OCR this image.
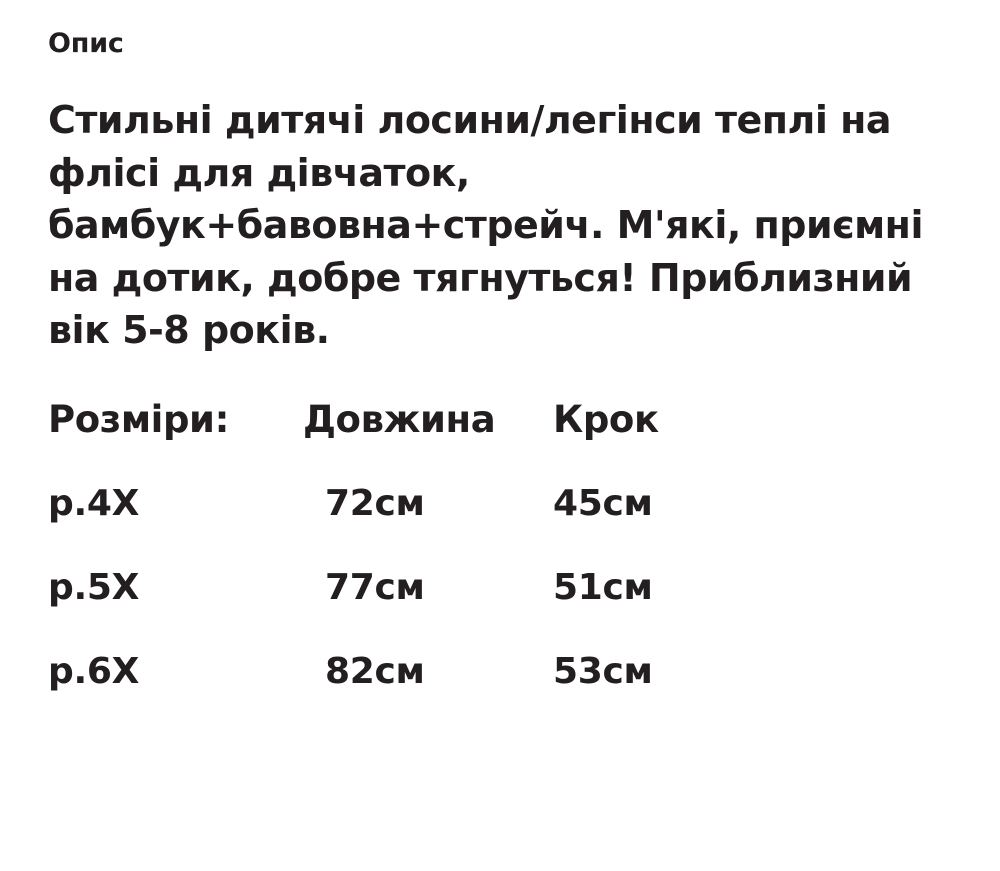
Опис

Стильні дитячі лосини/легінси теплі на флісі для дівчаток, бамбук+бавовна+стрейч. М'які, приємні на дотик, добре тягнуться! Приблизний вік 5-8 років.

Розміри:	Довжина	Крок
р.4Х	72см	45см
р.5Х	77см	51см
р.6Х	82см	53см
